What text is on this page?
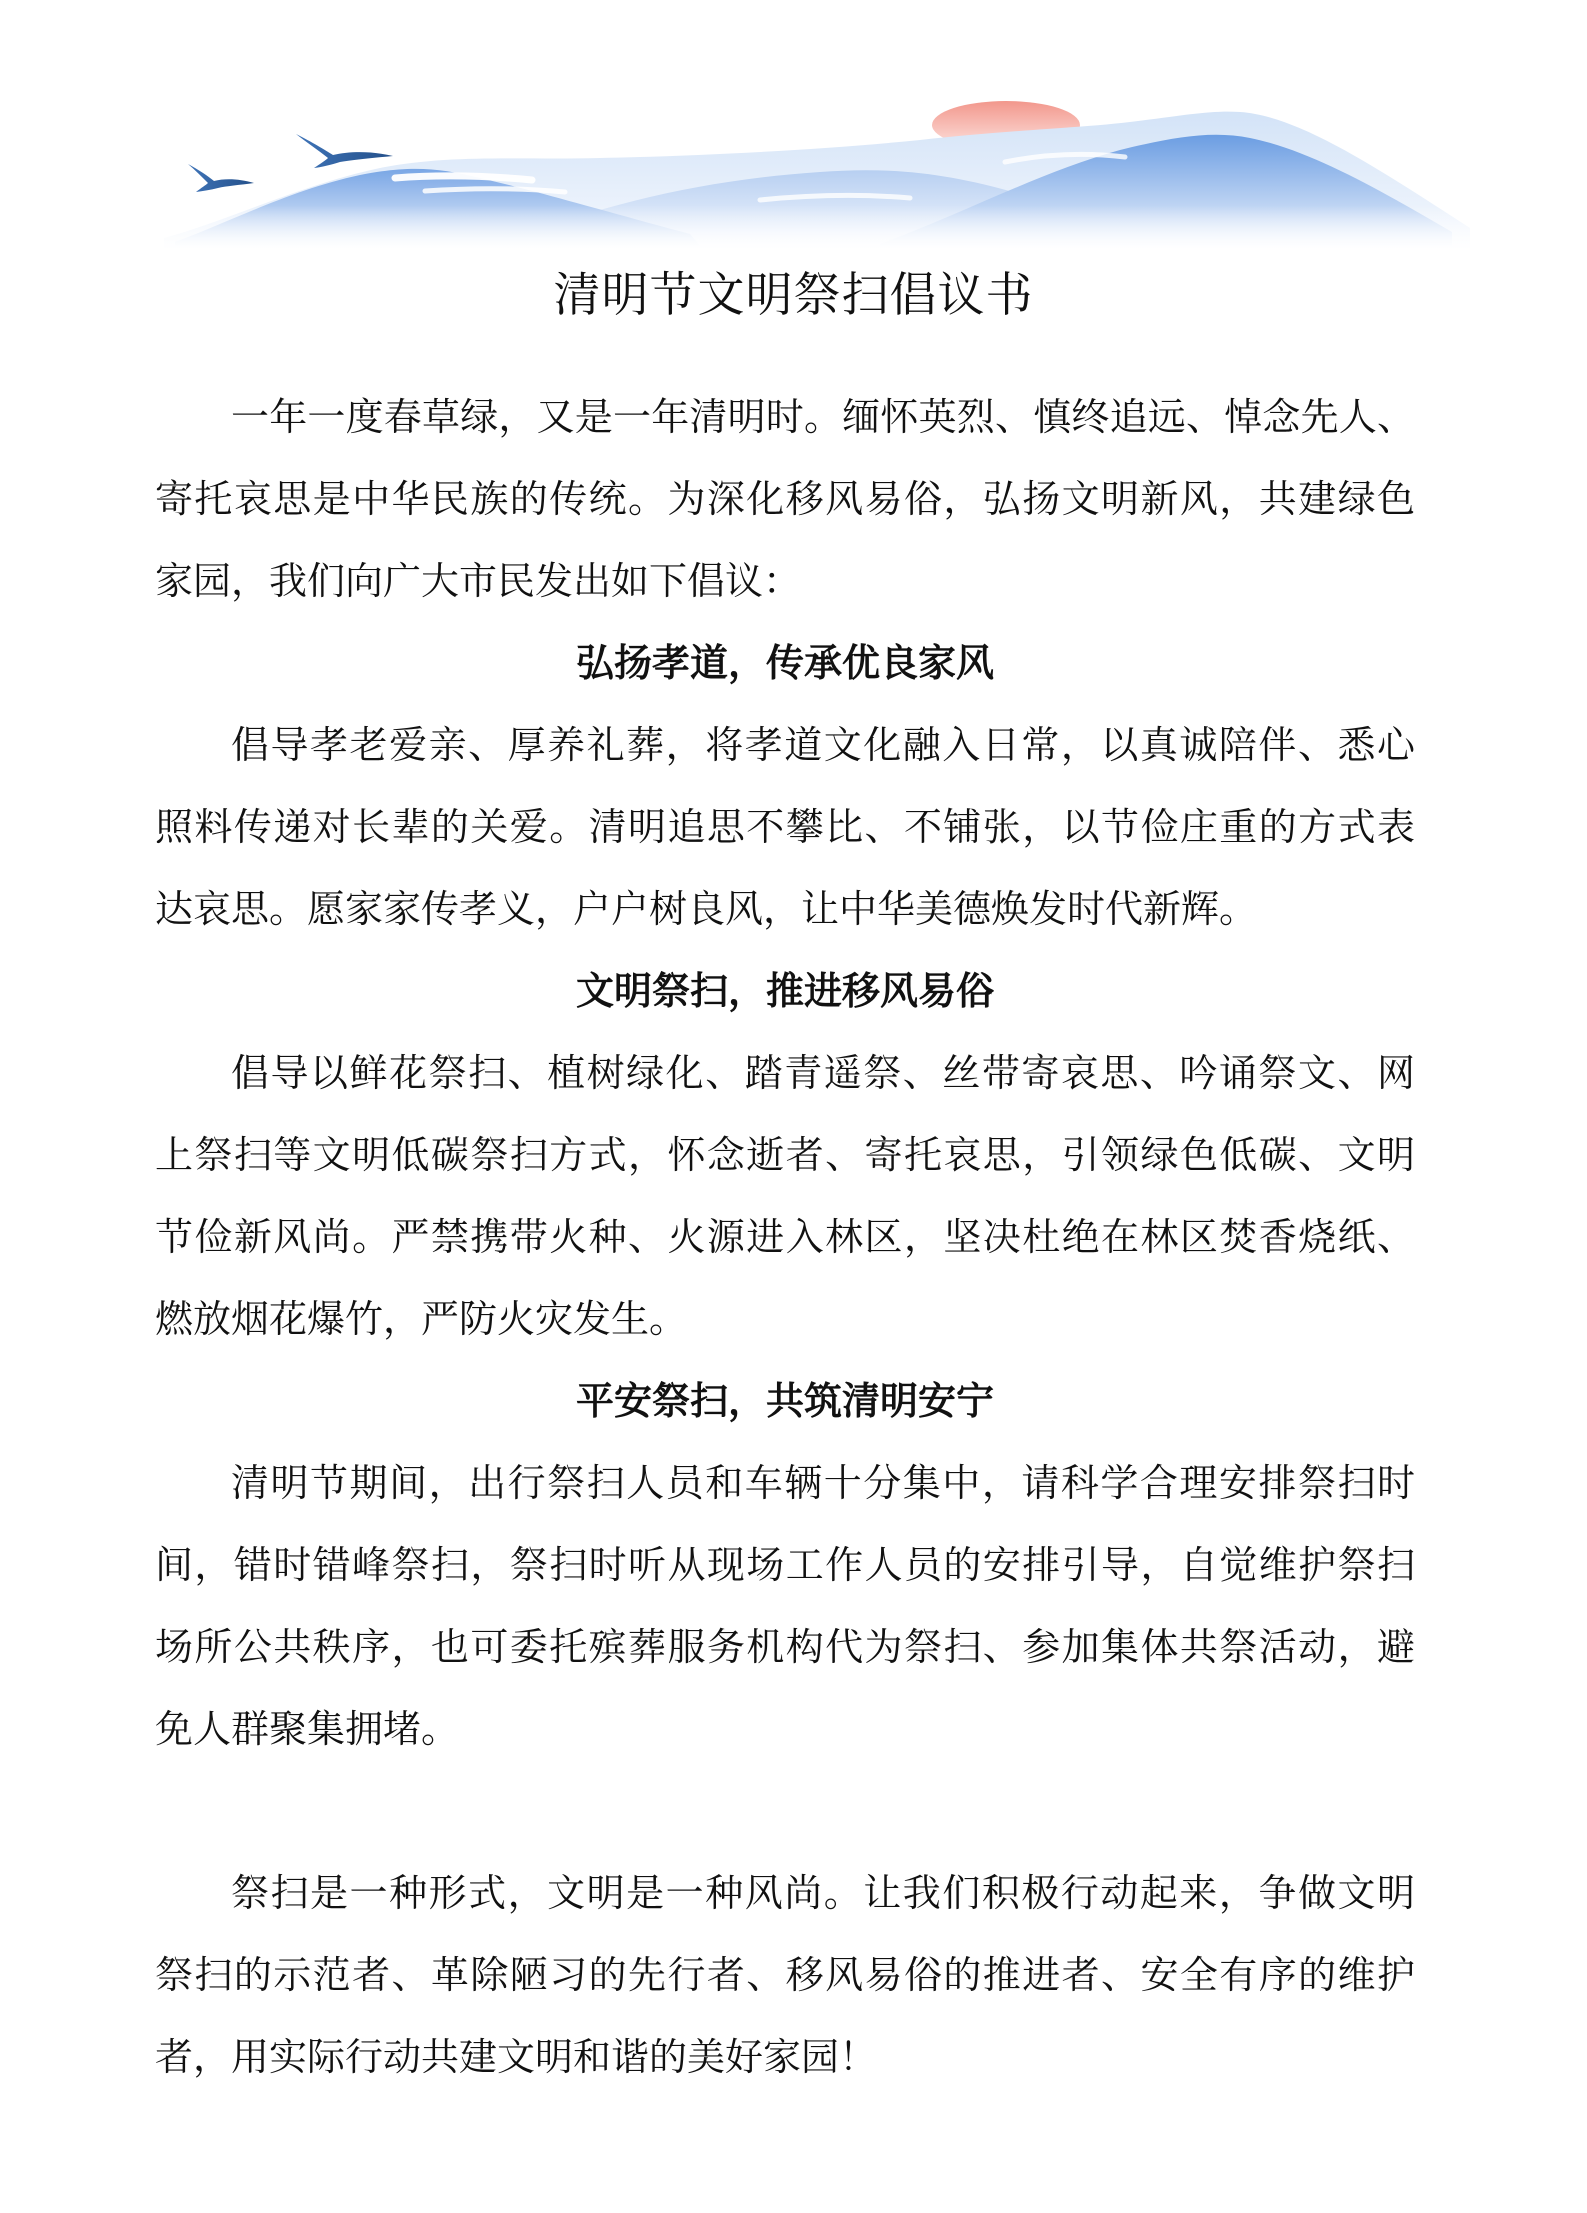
清明节文明祭扫倡议书
一年一度春草绿，又是一年清明时。缅怀英烈、慎终追远、悼念先人、
寄托哀思是中华民族的传统。为深化移风易俗，弘扬文明新风，共建绿色
家园，我们向广大市民发出如下倡议：
弘扬孝道，传承优良家风
倡导孝老爱亲、厚养礼葬，将孝道文化融入日常，以真诚陪伴、悉心
照料传递对长辈的关爱。清明追思不攀比、不铺张，以节俭庄重的方式表
达哀思。愿家家传孝义，户户树良风，让中华美德焕发时代新辉。
文明祭扫，推进移风易俗
倡导以鲜花祭扫、植树绿化、踏青遥祭、丝带寄哀思、吟诵祭文、网
上祭扫等文明低碳祭扫方式，怀念逝者、寄托哀思，引领绿色低碳、文明
节俭新风尚。严禁携带火种、火源进入林区，坚决杜绝在林区焚香烧纸、
燃放烟花爆竹，严防火灾发生。
平安祭扫，共筑清明安宁
清明节期间，出行祭扫人员和车辆十分集中，请科学合理安排祭扫时
间，错时错峰祭扫，祭扫时听从现场工作人员的安排引导，自觉维护祭扫
场所公共秩序，也可委托殡葬服务机构代为祭扫、参加集体共祭活动，避
免人群聚集拥堵。
祭扫是一种形式，文明是一种风尚。让我们积极行动起来，争做文明
祭扫的示范者、革除陋习的先行者、移风易俗的推进者、安全有序的维护
者，用实际行动共建文明和谐的美好家园！
